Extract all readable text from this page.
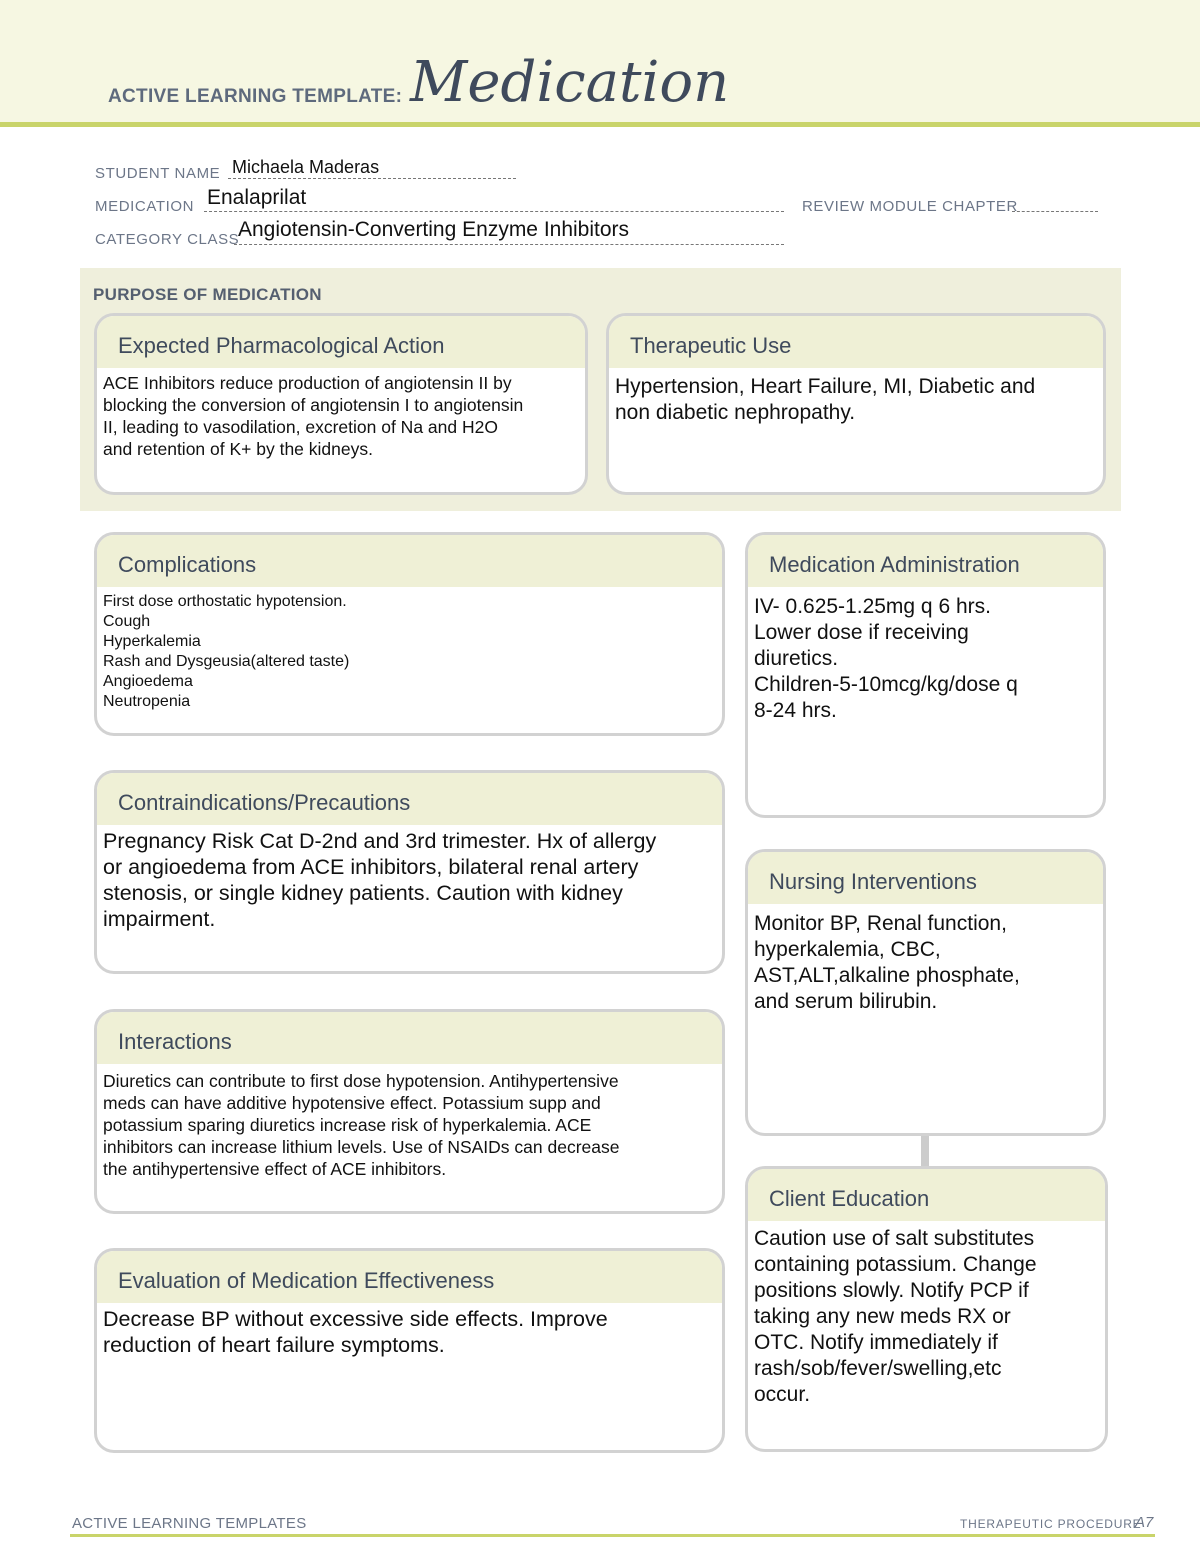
ACTIVE LEARNING TEMPLATE: Medication
STUDENT NAME Michaela Maderas
MEDICATION Enalaprilat	REVIEW MODULE CHAPTER
CATEGORY CLASS
Angiotensin-Converting Enzyme Inhibitors
PURPOSE OF MEDICATION
Expected Pharmacological Action
ACE Inhibitors reduce production of angiotensin II by
blocking the conversion of angiotensin I to angiotensin
II, leading to vasodilation, excretion of Na and H2O
and retention of K+ by the kidneys.
Therapeutic Use
Hypertension, Heart Failure, MI, Diabetic and
non diabetic nephropathy.
Complications
First dose orthostatic hypotension.
Cough
Hyperkalemia
Rash and Dysgeusia(altered taste)
Angioedema
Neutropenia
Medication Administration
IV- 0.625-1.25mg q 6 hrs.
Lower dose if receiving
diuretics.
Children-5-10mcg/kg/dose q
8-24 hrs.
Contraindications/Precautions
Pregnancy Risk Cat D-2nd and 3rd trimester. Hx of allergy
or angioedema from ACE inhibitors, bilateral renal artery
stenosis, or single kidney patients. Caution with kidney
impairment.
Nursing Interventions
Monitor BP, Renal function,
hyperkalemia, CBC,
AST,ALT,alkaline phosphate,
and serum bilirubin.
Interactions
Diuretics can contribute to first dose hypotension. Antihypertensive
meds can have additive hypotensive effect. Potassium supp and
potassium sparing diuretics increase risk of hyperkalemia. ACE
inhibitors can increase lithium levels. Use of NSAIDs can decrease
the antihypertensive effect of ACE inhibitors.
Client Education
Caution use of salt substitutes
containing potassium. Change
positions slowly. Notify PCP if
taking any new meds RX or
OTC. Notify immediately if
rash/sob/fever/swelling,etc
occur.
Evaluation of Medication Effectiveness
Decrease BP without excessive side effects. Improve
reduction of heart failure symptoms.
ACTIVE LEARNING TEMPLATES	THERAPEUTIC PROCEDURE
A7
